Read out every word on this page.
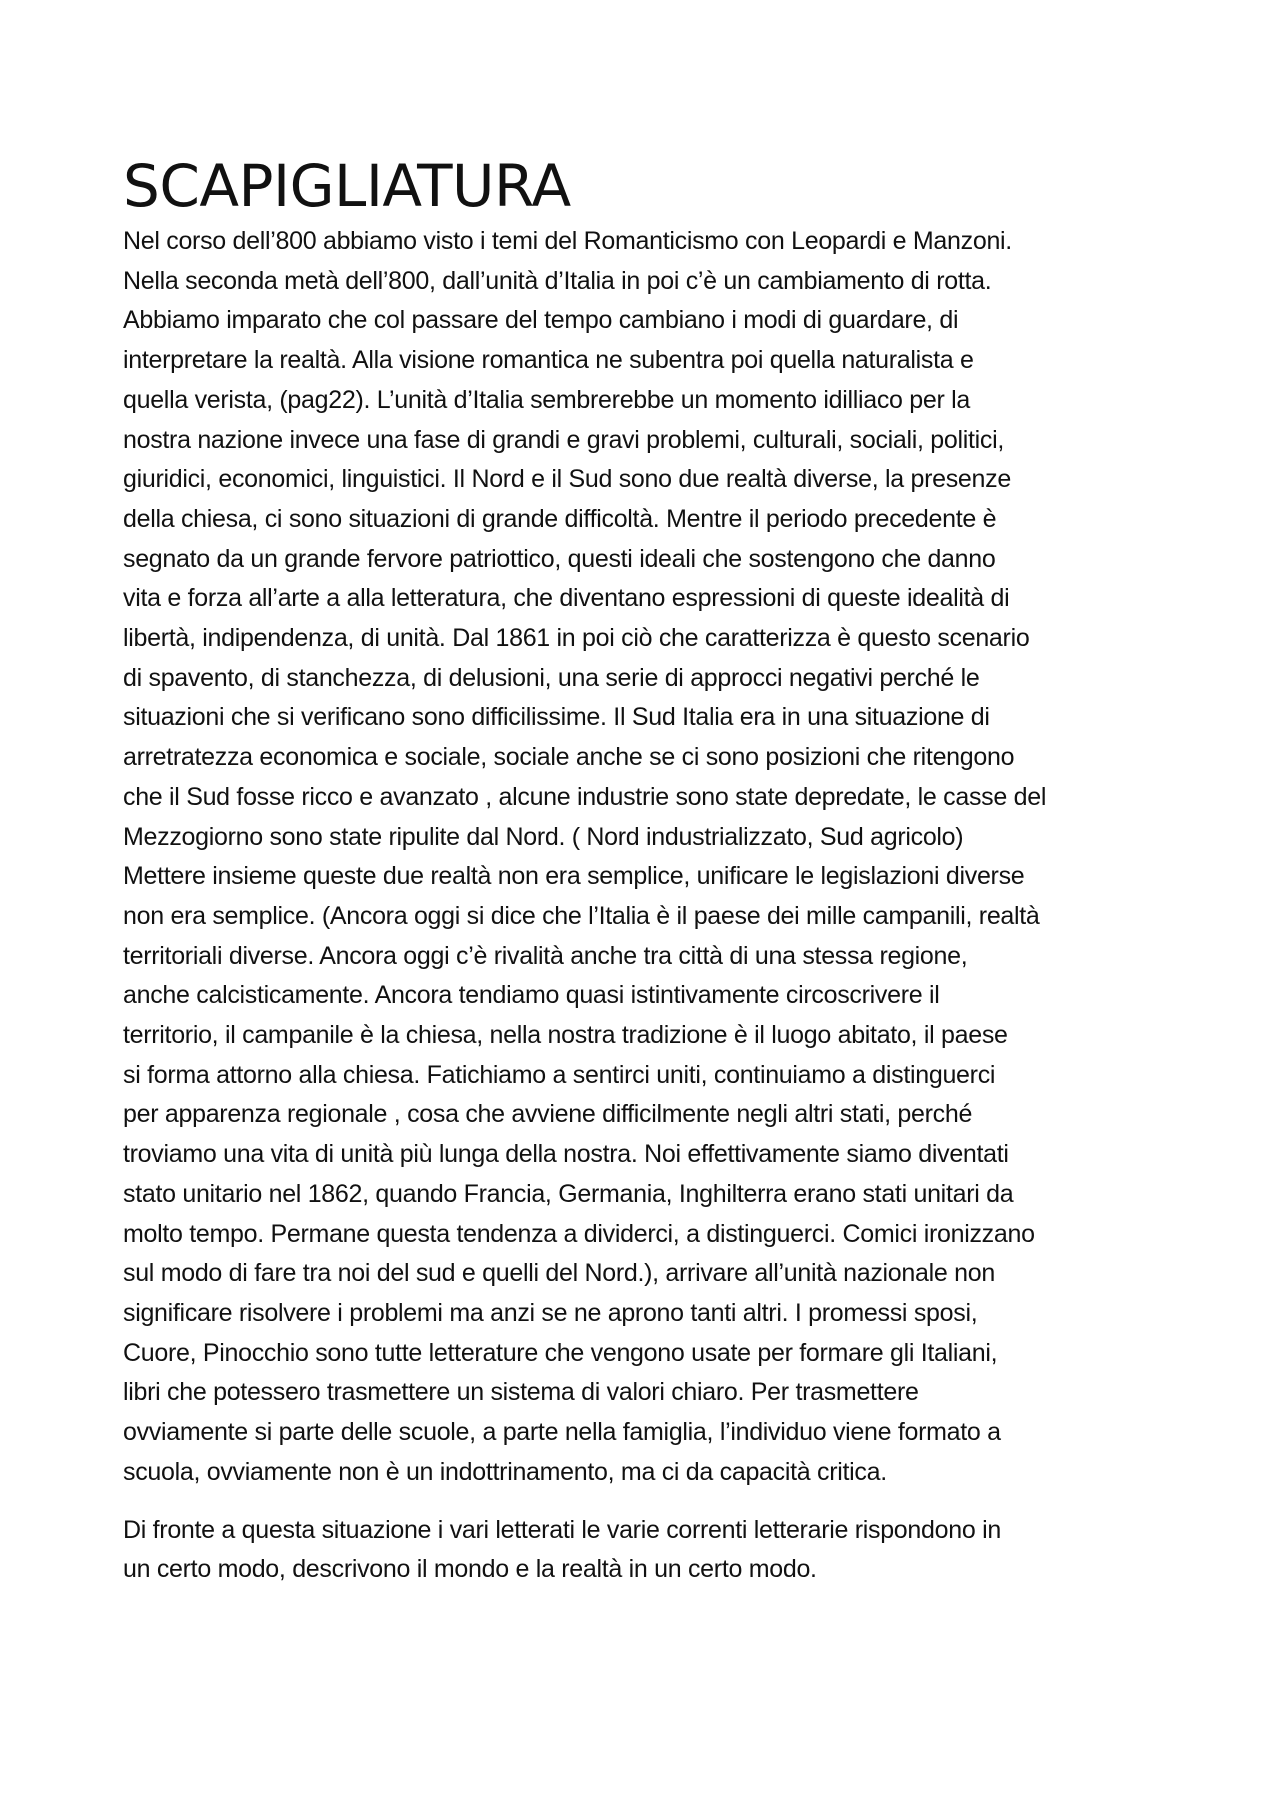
SCAPIGLIATURA

Nel corso dell’800 abbiamo visto i temi del Romanticismo con Leopardi e Manzoni.
Nella seconda metà dell’800, dall’unità d’Italia in poi c’è un cambiamento di rotta.
Abbiamo imparato che col passare del tempo cambiano i modi di guardare, di
interpretare la realtà. Alla visione romantica ne subentra poi quella naturalista e
quella verista, (pag22). L’unità d’Italia sembrerebbe un momento idilliaco per la
nostra nazione invece una fase di grandi e gravi problemi, culturali, sociali, politici,
giuridici, economici, linguistici. Il Nord e il Sud sono due realtà diverse, la presenze
della chiesa, ci sono situazioni di grande difficoltà. Mentre il periodo precedente è
segnato da un grande fervore patriottico, questi ideali che sostengono che danno
vita e forza all’arte a alla letteratura, che diventano espressioni di queste idealità di
libertà, indipendenza, di unità. Dal 1861 in poi ciò che caratterizza è questo scenario
di spavento, di stanchezza, di delusioni, una serie di approcci negativi perché le
situazioni che si verificano sono difficilissime. Il Sud Italia era in una situazione di
arretratezza economica e sociale, sociale anche se ci sono posizioni che ritengono
che il Sud fosse ricco e avanzato , alcune industrie sono state depredate, le casse del
Mezzogiorno sono state ripulite dal Nord. ( Nord industrializzato, Sud agricolo)
Mettere insieme queste due realtà non era semplice, unificare le legislazioni diverse
non era semplice. (Ancora oggi si dice che l’Italia è il paese dei mille campanili, realtà
territoriali diverse. Ancora oggi c’è rivalità anche tra città di una stessa regione,
anche calcisticamente. Ancora tendiamo quasi istintivamente circoscrivere il
territorio, il campanile è la chiesa, nella nostra tradizione è il luogo abitato, il paese
si forma attorno alla chiesa. Fatichiamo a sentirci uniti, continuiamo a distinguerci
per apparenza regionale , cosa che avviene difficilmente negli altri stati, perché
troviamo una vita di unità più lunga della nostra. Noi effettivamente siamo diventati
stato unitario nel 1862, quando Francia, Germania, Inghilterra erano stati unitari da
molto tempo. Permane questa tendenza a dividerci, a distinguerci. Comici ironizzano
sul modo di fare tra noi del sud e quelli del Nord.), arrivare all’unità nazionale non
significare risolvere i problemi ma anzi se ne aprono tanti altri. I promessi sposi,
Cuore, Pinocchio sono tutte letterature che vengono usate per formare gli Italiani,
libri che potessero trasmettere un sistema di valori chiaro. Per trasmettere
ovviamente si parte delle scuole, a parte nella famiglia, l’individuo viene formato a
scuola, ovviamente non è un indottrinamento, ma ci da capacità critica.

Di fronte a questa situazione i vari letterati le varie correnti letterarie rispondono in
un certo modo, descrivono il mondo e la realtà in un certo modo.
